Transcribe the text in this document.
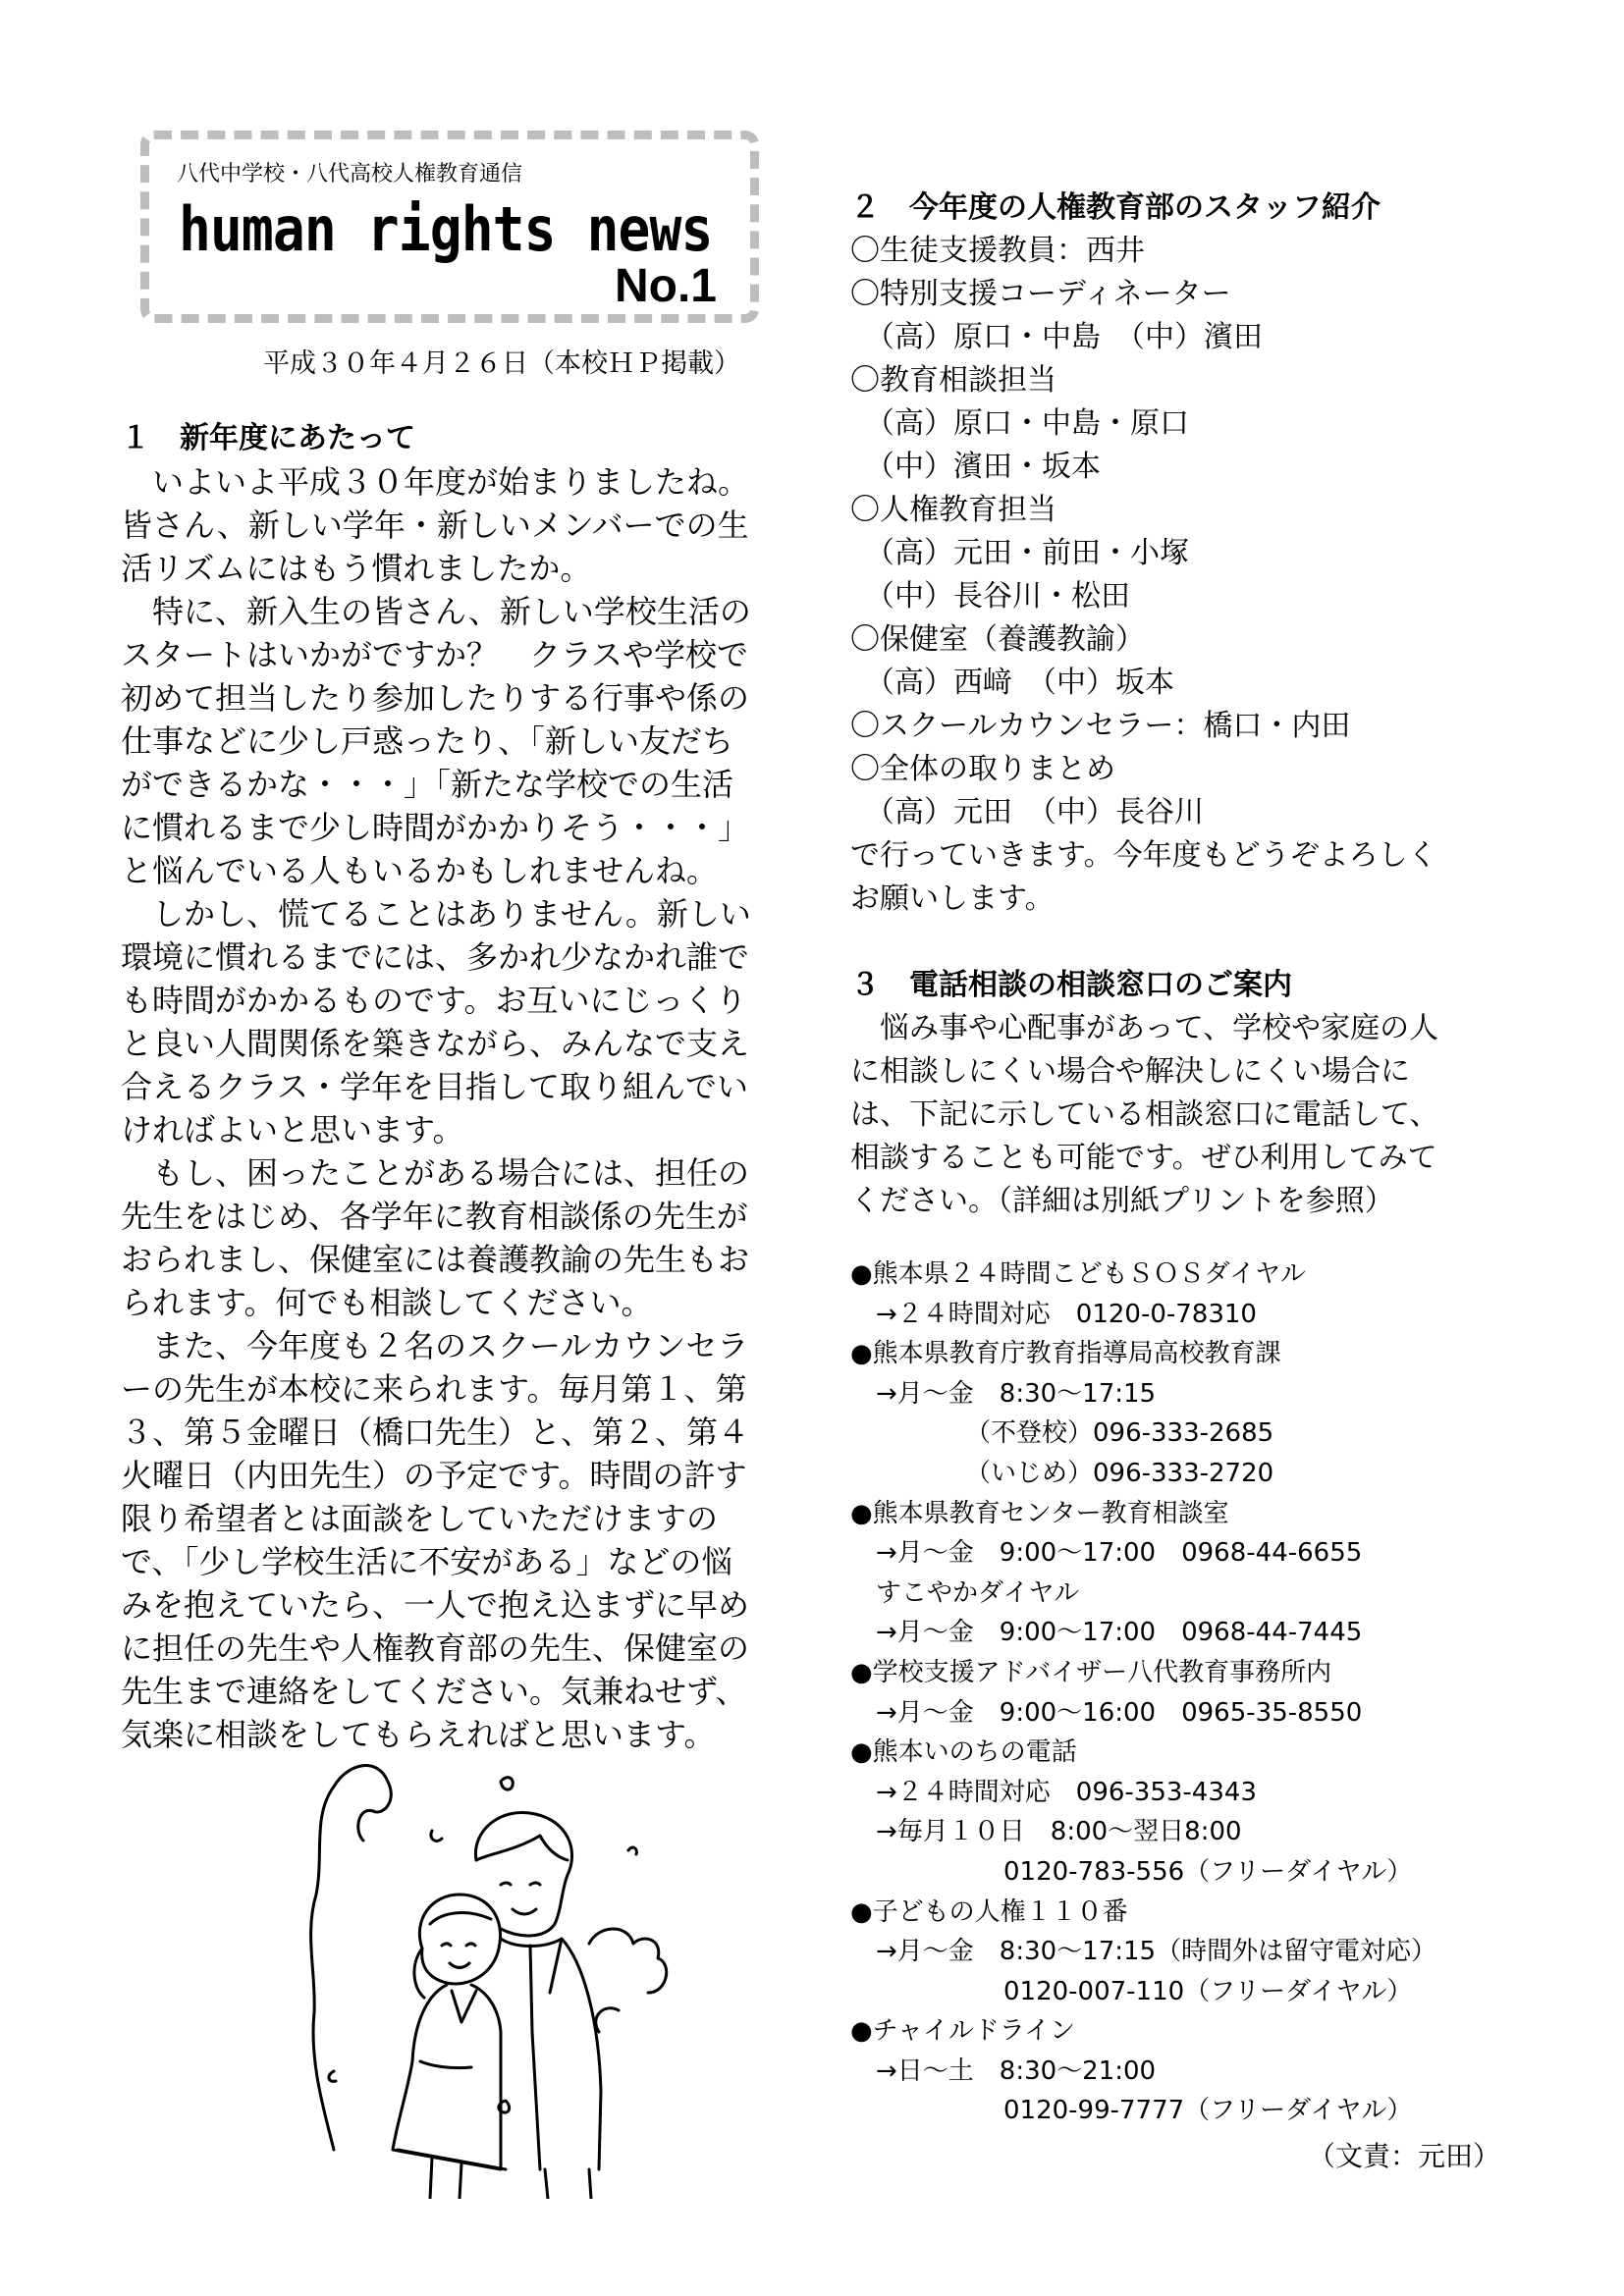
八代中学校・八代高校人権教育通信
human rights news
No.1
平成３０年４月２６日（本校ＨＰ掲載）

１　新年度にあたって

　いよいよ平成３０年度が始まりましたね。

皆さん、新しい学年・新しいメンバーでの生

活リズムにはもう慣れましたか。

　特に、新入生の皆さん、新しい学校生活の

スタートはいかがですか？　クラスや学校で

初めて担当したり参加したりする行事や係の

仕事などに少し戸惑ったり、「新しい友だち

ができるかな・・・」「新たな学校での生活

に慣れるまで少し時間がかかりそう・・・」

と悩んでいる人もいるかもしれませんね。

　しかし、慌てることはありません。新しい

環境に慣れるまでには、多かれ少なかれ誰で

も時間がかかるものです。お互いにじっくり

と良い人間関係を築きながら、みんなで支え

合えるクラス・学年を目指して取り組んでい

ければよいと思います。

　もし、困ったことがある場合には、担任の

先生をはじめ、各学年に教育相談係の先生が

おられまし、保健室には養護教諭の先生もお

られます。何でも相談してください。

　また、今年度も２名のスクールカウンセラ

ーの先生が本校に来られます。毎月第１、第

３、第５金曜日（橋口先生）と、第２、第４

火曜日（内田先生）の予定です。時間の許す

限り希望者とは面談をしていただけますの

で、「少し学校生活に不安がある」などの悩

みを抱えていたら、一人で抱え込まずに早め

に担任の先生や人権教育部の先生、保健室の

先生まで連絡をしてください。気兼ねせず、

気楽に相談をしてもらえればと思います。

２　今年度の人権教育部のスタッフ紹介

〇生徒支援教員：西井

〇特別支援コーディネーター

　（高）原口・中島　（中）濱田

〇教育相談担当

　（高）原口・中島・原口

　（中）濱田・坂本

〇人権教育担当

　（高）元田・前田・小塚

　（中）長谷川・松田

〇保健室（養護教諭）

　（高）西﨑　（中）坂本

〇スクールカウンセラー：橋口・内田

〇全体の取りまとめ

　（高）元田　（中）長谷川

で行っていきます。今年度もどうぞよろしく

お願いします。

３　電話相談の相談窓口のご案内

　悩み事や心配事があって、学校や家庭の人

に相談しにくい場合や解決しにくい場合に

は、下記に示している相談窓口に電話して、

相談することも可能です。ぜひ利用してみて

ください。（詳細は別紙プリントを参照）

●熊本県２４時間こどもＳＯＳダイヤル

　→２４時間対応　0120-0-78310

●熊本県教育庁教育指導局高校教育課

　→月～金　8:30～17:15

　　　　　（不登校）096-333-2685

　　　　　（いじめ）096-333-2720

●熊本県教育センター教育相談室

　→月～金　9:00～17:00　0968-44-6655

　すこやかダイヤル

　→月～金　9:00～17:00　0968-44-7445

●学校支援アドバイザー八代教育事務所内

　→月～金　9:00～16:00　0965-35-8550

●熊本いのちの電話

　→２４時間対応　096-353-4343

　→毎月１０日　8:00～翌日8:00

　　　　　　0120-783-556（フリーダイヤル）

●子どもの人権１１０番

　→月～金　8:30～17:15（時間外は留守電対応）

　　　　　　0120-007-110（フリーダイヤル）

●チャイルドライン

　→日～土　8:30～21:00

　　　　　　0120-99-7777（フリーダイヤル）

（文責：元田）
